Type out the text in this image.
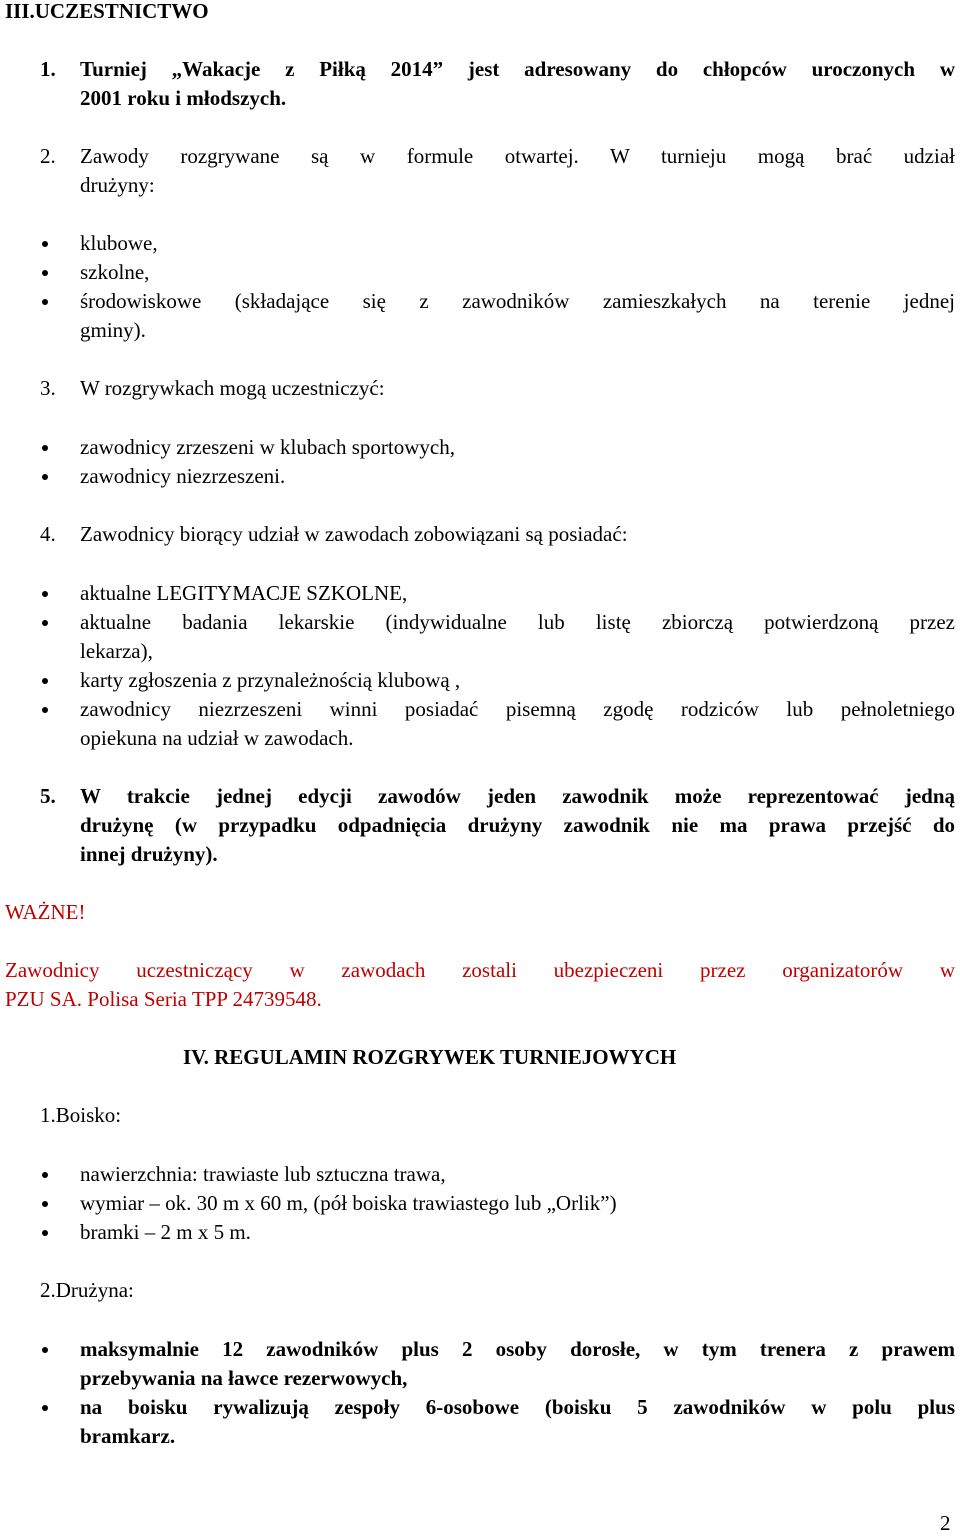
III.UCZESTNICTWO
1. Turniej „Wakacje z Piłką 2014” jest adresowany do chłopców uroczonych w
2001 roku i młodszych.
2. Zawody rozgrywane są w formule otwartej. W turnieju mogą brać udział
drużyny:
klubowe,
szkolne,
środowiskowe (składające się z zawodników zamieszkałych na terenie jednej
gminy).
3. W rozgrywkach mogą uczestniczyć:
zawodnicy zrzeszeni w klubach sportowych,
zawodnicy niezrzeszeni.
4. Zawodnicy biorący udział w zawodach zobowiązani są posiadać:
aktualne LEGITYMACJE SZKOLNE,
aktualne badania lekarskie (indywidualne lub listę zbiorczą potwierdzoną przez
lekarza),
karty zgłoszenia z przynależnością klubową ,
zawodnicy niezrzeszeni winni posiadać pisemną zgodę rodziców lub pełnoletniego
opiekuna na udział w zawodach.
5. W trakcie jednej edycji zawodów jeden zawodnik może reprezentować jedną
drużynę (w przypadku odpadnięcia drużyny zawodnik nie ma prawa przejść do
innej drużyny).
WAŻNE!
Zawodnicy uczestniczący w zawodach zostali ubezpieczeni przez organizatorów w
PZU SA. Polisa Seria TPP 24739548.
IV. REGULAMIN ROZGRYWEK TURNIEJOWYCH
1.Boisko:
nawierzchnia: trawiaste lub sztuczna trawa,
wymiar – ok. 30 m x 60 m, (pół boiska trawiastego lub „Orlik”)
bramki – 2 m x 5 m.
2.Drużyna:
maksymalnie 12 zawodników plus 2 osoby dorosłe, w tym trenera z prawem
przebywania na ławce rezerwowych,
na boisku rywalizują zespoły 6-osobowe (boisku 5 zawodników w polu plus
bramkarz.
2
